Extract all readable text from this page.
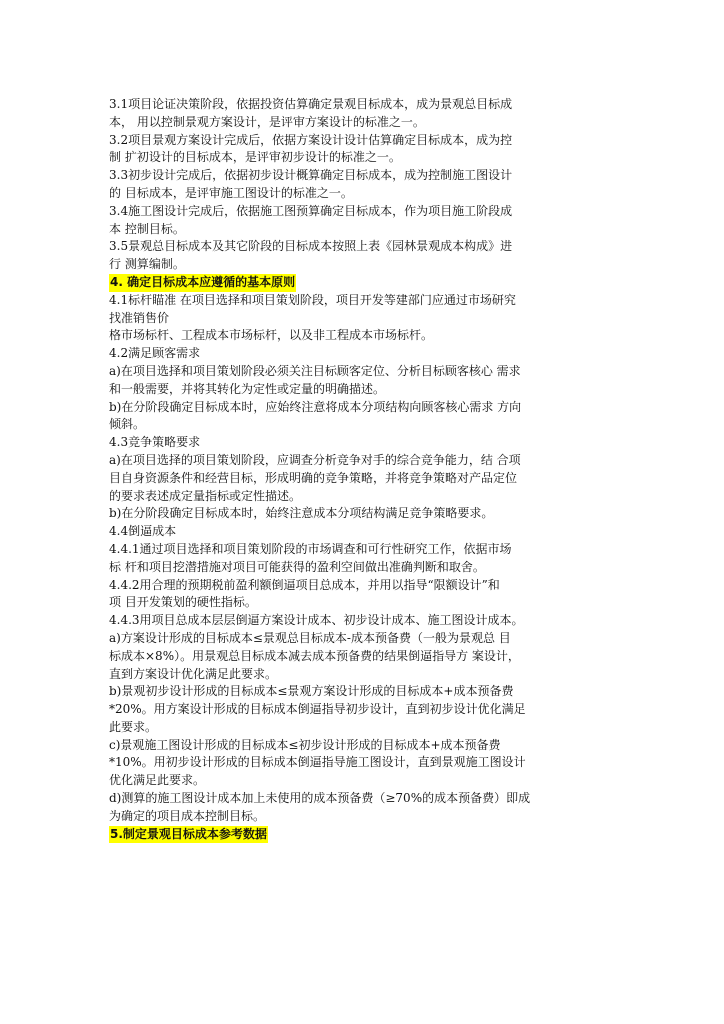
3.1项目论证决策阶段，依据投资估算确定景观目标成本，成为景观总目标成
本， 用以控制景观方案设计，是评审方案设计的标准之一。
3.2项目景观方案设计完成后，依据方案设计设计估算确定目标成本，成为控
制 扩初设计的目标成本，是评审初步设计的标准之一。
3.3初步设计完成后，依据初步设计概算确定目标成本，成为控制施工图设计
的 目标成本，是评审施工图设计的标准之一。
3.4施工图设计完成后，依据施工图预算确定目标成本，作为项目施工阶段成
本 控制目标。
3.5景观总目标成本及其它阶段的目标成本按照上表《园林景观成本构成》进
行 测算编制。
4. 确定目标成本应遵循的基本原则
4.1标杆瞄准 在项目选择和项目策划阶段，项目开发等建部门应通过市场研究
找准销售价
格市场标杆、工程成本市场标杆，以及非工程成本市场标杆。
4.2满足顾客需求
a)在项目选择和项目策划阶段必须关注目标顾客定位、分析目标顾客核心 需求
和一般需要，并将其转化为定性或定量的明确描述。
b)在分阶段确定目标成本时，应始终注意将成本分项结构向顾客核心需求 方向
倾斜。
4.3竞争策略要求
a)在项目选择的项目策划阶段，应调查分析竞争对手的综合竞争能力，结 合项
目自身资源条件和经营目标，形成明确的竞争策略，并将竞争策略对产品定位
的要求表述成定量指标或定性描述。
b)在分阶段确定目标成本时，始终注意成本分项结构满足竞争策略要求。
4.4倒逼成本
4.4.1通过项目选择和项目策划阶段的市场调查和可行性研究工作，依据市场
标 杆和项目挖潜措施对项目可能获得的盈利空间做出准确判断和取舍。
4.4.2用合理的预期税前盈利额倒逼项目总成本，并用以指导“限额设计”和
项 目开发策划的硬性指标。
4.4.3用项目总成本层层倒逼方案设计成本、初步设计成本、施工图设计成本。
a)方案设计形成的目标成本≤景观总目标成本-成本预备费（一般为景观总 目
标成本×8%）。用景观总目标成本减去成本预备费的结果倒逼指导方 案设计，
直到方案设计优化满足此要求。
b)景观初步设计形成的目标成本≤景观方案设计形成的目标成本+成本预备费
*20%。用方案设计形成的目标成本倒逼指导初步设计，直到初步设计优化满足
此要求。
c)景观施工图设计形成的目标成本≤初步设计形成的目标成本+成本预备费
*10%。用初步设计形成的目标成本倒逼指导施工图设计，直到景观施工图设计
优化满足此要求。
d)测算的施工图设计成本加上未使用的成本预备费（≥70%的成本预备费）即成
为确定的项目成本控制目标。
5.制定景观目标成本参考数据
